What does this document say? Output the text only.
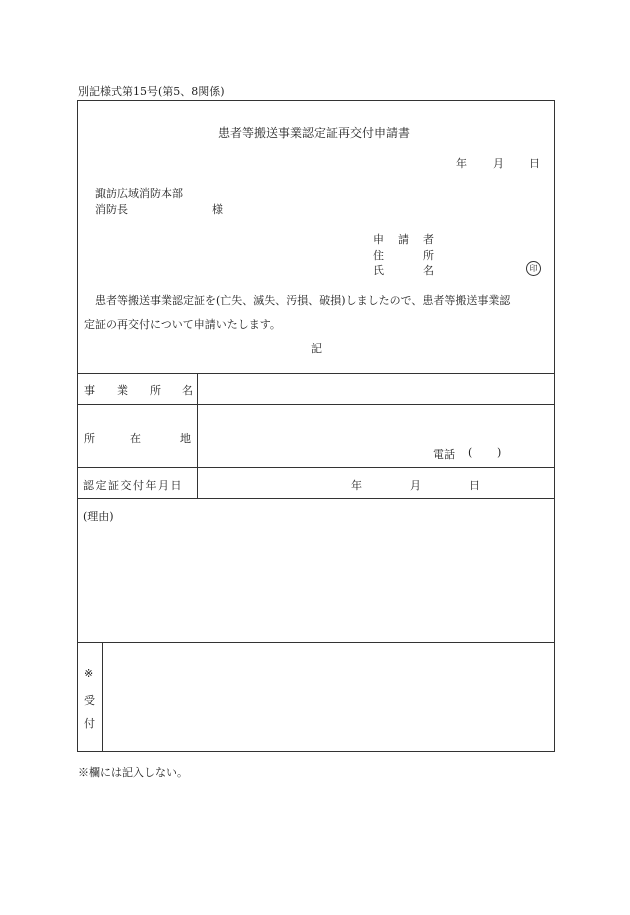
別記様式第15号(第5、8関係)
患者等搬送事業認定証再交付申請書
年 月 日
諏訪広域消防本部
消防長	様
申 請 者
住	所
氏	名	印
患者等搬送事業認定証を(亡失、滅失、汚損、破損)しましたので、患者等搬送事業認
定証の再交付について申請いたします。
記
事 業 所 名
所	在	地
電話 ( )
認定証交付年月日	年	月	日
(理由)
※
受
付
※欄には記入しない。
